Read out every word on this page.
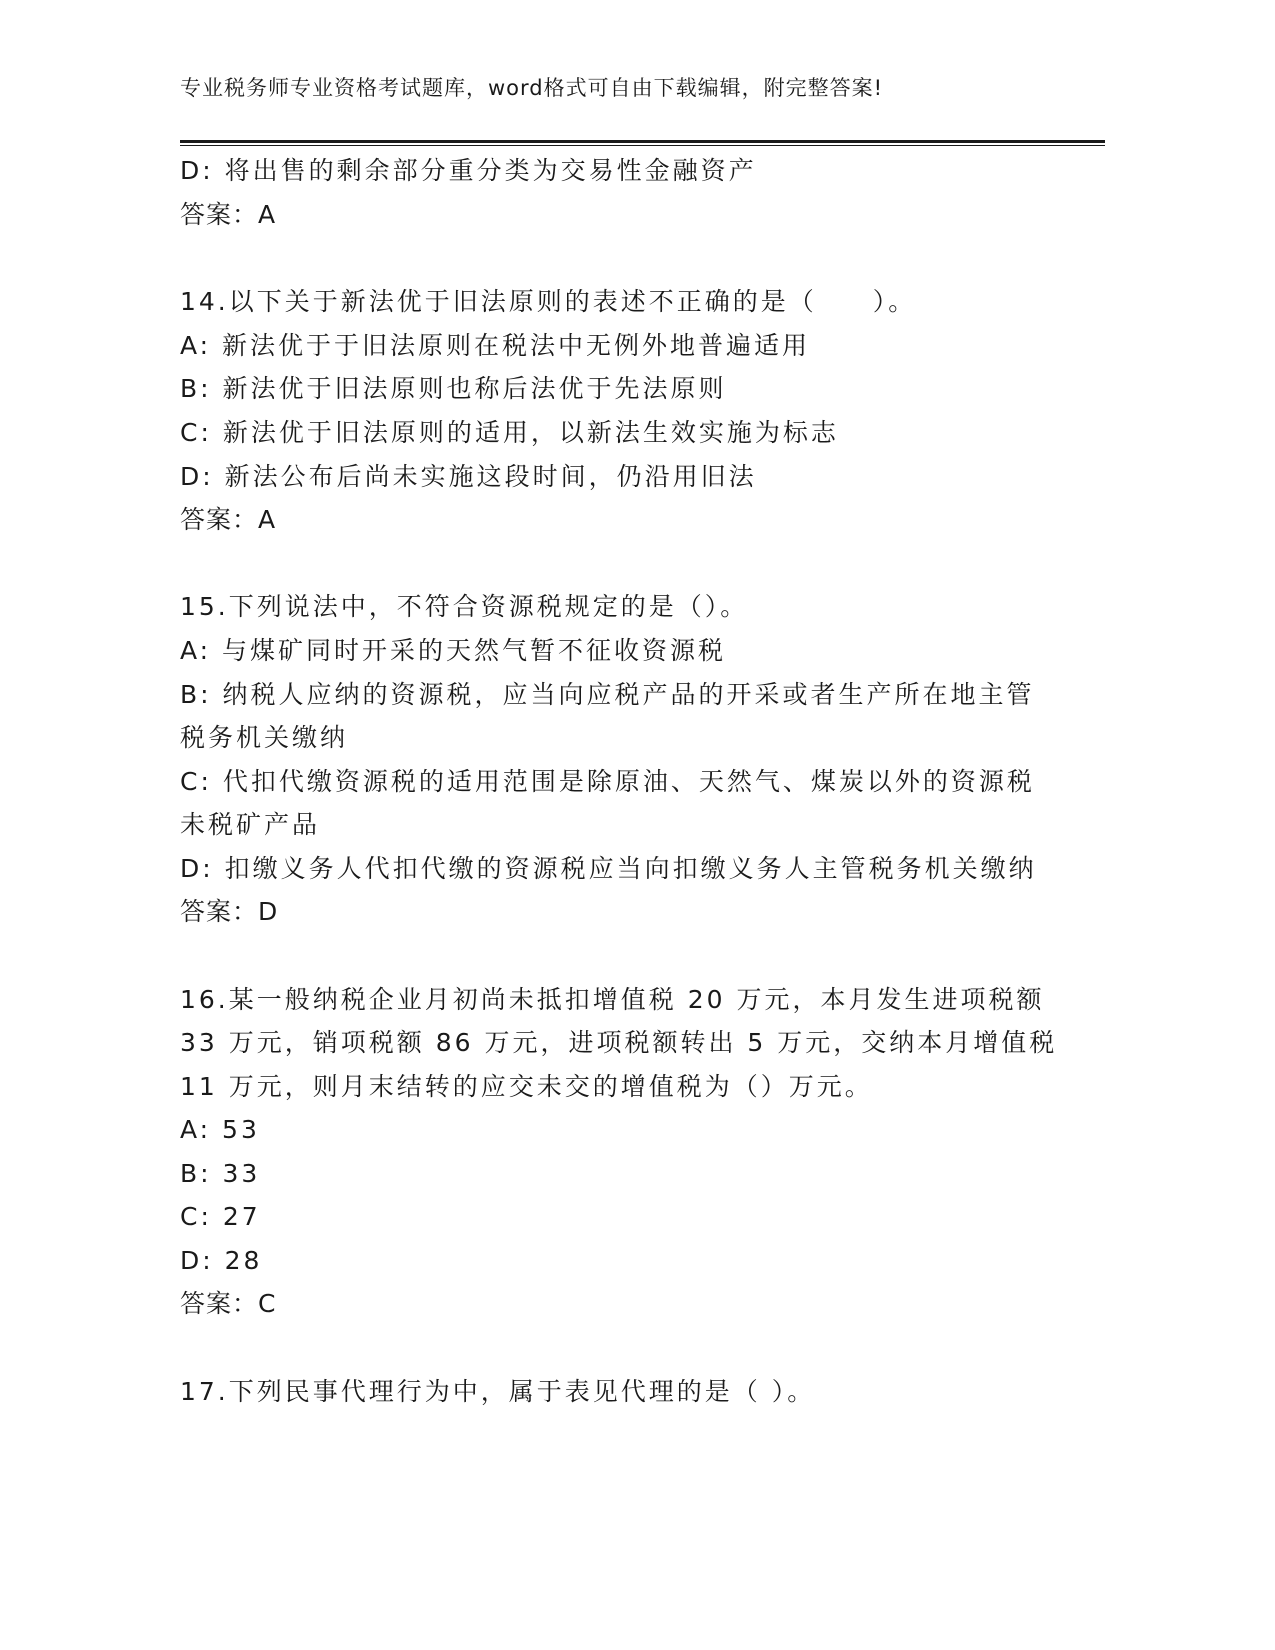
专业税务师专业资格考试题库，word格式可自由下载编辑，附完整答案!
D: 将出售的剩余部分重分类为交易性金融资产
答案：A
14.以下关于新法优于旧法原则的表述不正确的是（　　）。
A: 新法优于于旧法原则在税法中无例外地普遍适用
B: 新法优于旧法原则也称后法优于先法原则
C: 新法优于旧法原则的适用，以新法生效实施为标志
D: 新法公布后尚未实施这段时间，仍沿用旧法
答案：A
15.下列说法中，不符合资源税规定的是（）。
A: 与煤矿同时开采的天然气暂不征收资源税
B: 纳税人应纳的资源税，应当向应税产品的开采或者生产所在地主管
税务机关缴纳
C: 代扣代缴资源税的适用范围是除原油、天然气、煤炭以外的资源税
未税矿产品
D: 扣缴义务人代扣代缴的资源税应当向扣缴义务人主管税务机关缴纳
答案：D
16.某一般纳税企业月初尚未抵扣增值税 20 万元，本月发生进项税额
33 万元，销项税额 86 万元，进项税额转出 5 万元，交纳本月增值税
11 万元，则月末结转的应交未交的增值税为（）万元。
A: 53
B: 33
C: 27
D: 28
答案：C
17.下列民事代理行为中，属于表见代理的是（ ）。
